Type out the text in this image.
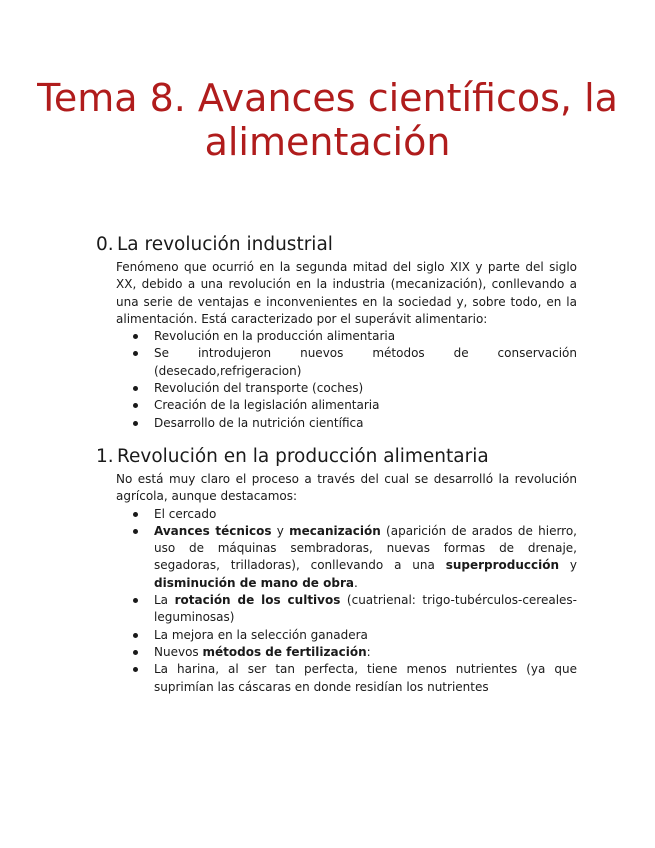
Tema 8. Avances científicos, la alimentación
0. La revolución industrial

Fenómeno que ocurrió en la segunda mitad del siglo XIX y parte del siglo XX, debido a una revolución en la industria (mecanización), conllevando a una serie de ventajas e inconvenientes en la sociedad y, sobre todo, en la alimentación. Está caracterizado por el superávit alimentario:

Revolución en la producción alimentaria
Se introdujeron nuevos métodos de conservación
(desecado,refrigeracion)
Revolución del transporte (coches)
Creación de la legislación alimentaria
Desarrollo de la nutrición científica
1. Revolución en la producción alimentaria

No está muy claro el proceso a través del cual se desarrolló la revolución agrícola, aunque destacamos:

El cercado
Avances técnicos y mecanización (aparición de arados de hierro, uso de máquinas sembradoras, nuevas formas de drenaje, segadoras, trilladoras), conllevando a una superproducción y disminución de mano de obra.
La rotación de los cultivos (cuatrienal: trigo-tubérculos-cereales-leguminosas)
La mejora en la selección ganadera
Nuevos métodos de fertilización:
La harina, al ser tan perfecta, tiene menos nutrientes (ya que suprimían las cáscaras en donde residían los nutrientes
